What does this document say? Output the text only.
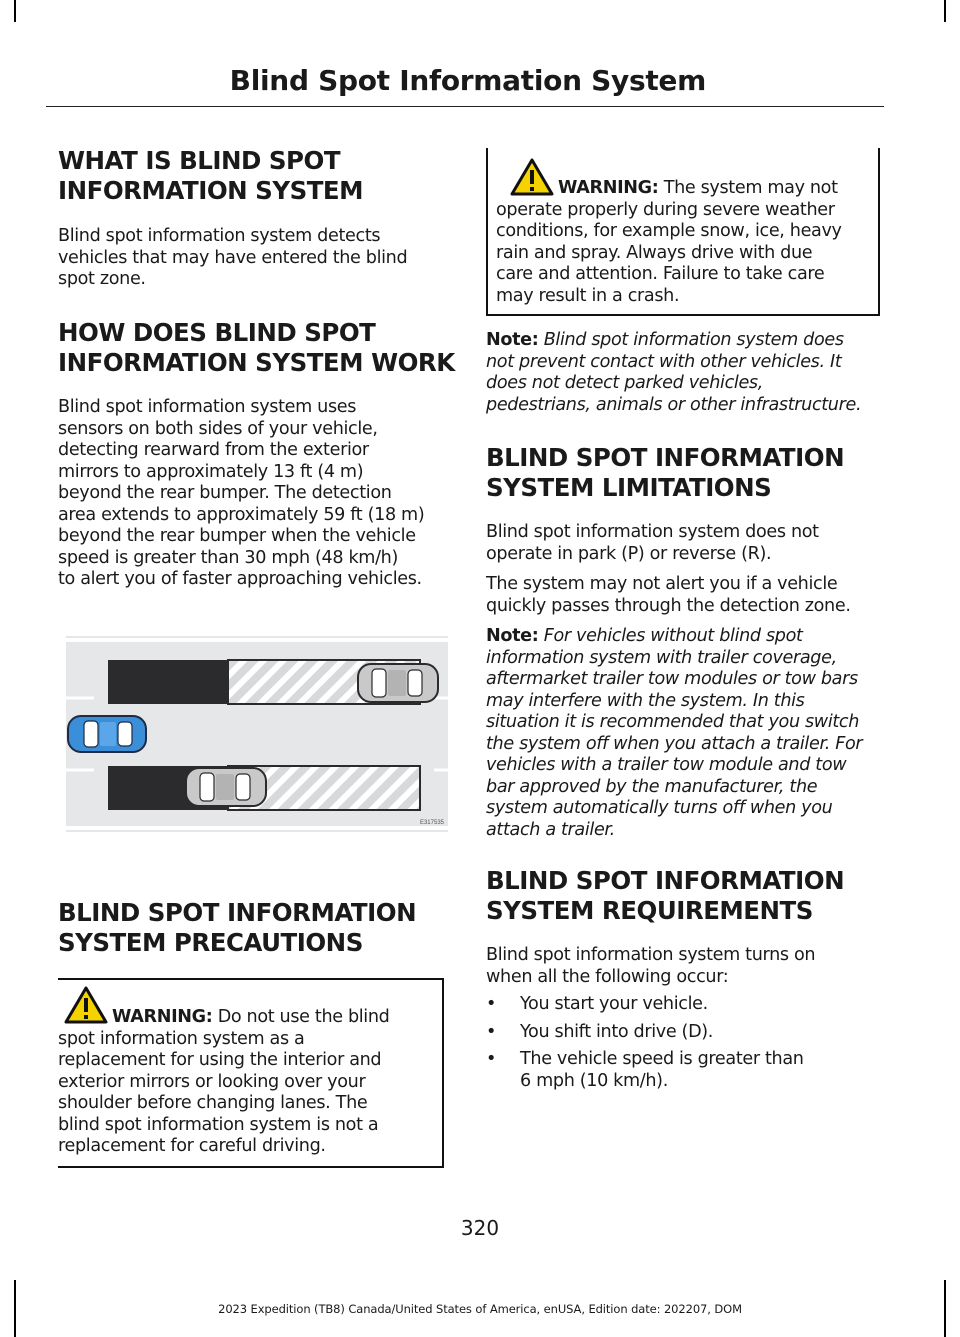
Blind Spot Information System
WHAT IS BLIND SPOT
INFORMATION SYSTEM

Blind spot information system detects
vehicles that may have entered the blind
spot zone.

HOW DOES BLIND SPOT
INFORMATION SYSTEM WORK

Blind spot information system uses
sensors on both sides of your vehicle,
detecting rearward from the exterior
mirrors to approximately 13 ft (4 m)
beyond the rear bumper. The detection
area extends to approximately 59 ft (18 m)
beyond the rear bumper when the vehicle
speed is greater than 30 mph (48 km/h)
to alert you of faster approaching vehicles.

BLIND SPOT INFORMATION
SYSTEM PRECAUTIONS
WARNING: Do not use the blind
spot information system as a
replacement for using the interior and
exterior mirrors or looking over your
shoulder before changing lanes. The
blind spot information system is not a
replacement for careful driving.
E317535
WARNING: The system may not
operate properly during severe weather
conditions, for example snow, ice, heavy
rain and spray. Always drive with due
care and attention. Failure to take care
may result in a crash.

Note: Blind spot information system does
not prevent contact with other vehicles. It
does not detect parked vehicles,
pedestrians, animals or other infrastructure.

BLIND SPOT INFORMATION
SYSTEM LIMITATIONS

Blind spot information system does not
operate in park (P) or reverse (R).

The system may not alert you if a vehicle
quickly passes through the detection zone.

Note: For vehicles without blind spot
information system with trailer coverage,
aftermarket trailer tow modules or tow bars
may interfere with the system. In this
situation it is recommended that you switch
the system off when you attach a trailer. For
vehicles with a trailer tow module and tow
bar approved by the manufacturer, the
system automatically turns off when you
attach a trailer.

BLIND SPOT INFORMATION
SYSTEM REQUIREMENTS

Blind spot information system turns on
when all the following occur:

• You start your vehicle.
• You shift into drive (D).
• The vehicle speed is greater than
6 mph (10 km/h).
320
2023 Expedition (TB8) Canada/United States of America, enUSA, Edition date: 202207, DOM
